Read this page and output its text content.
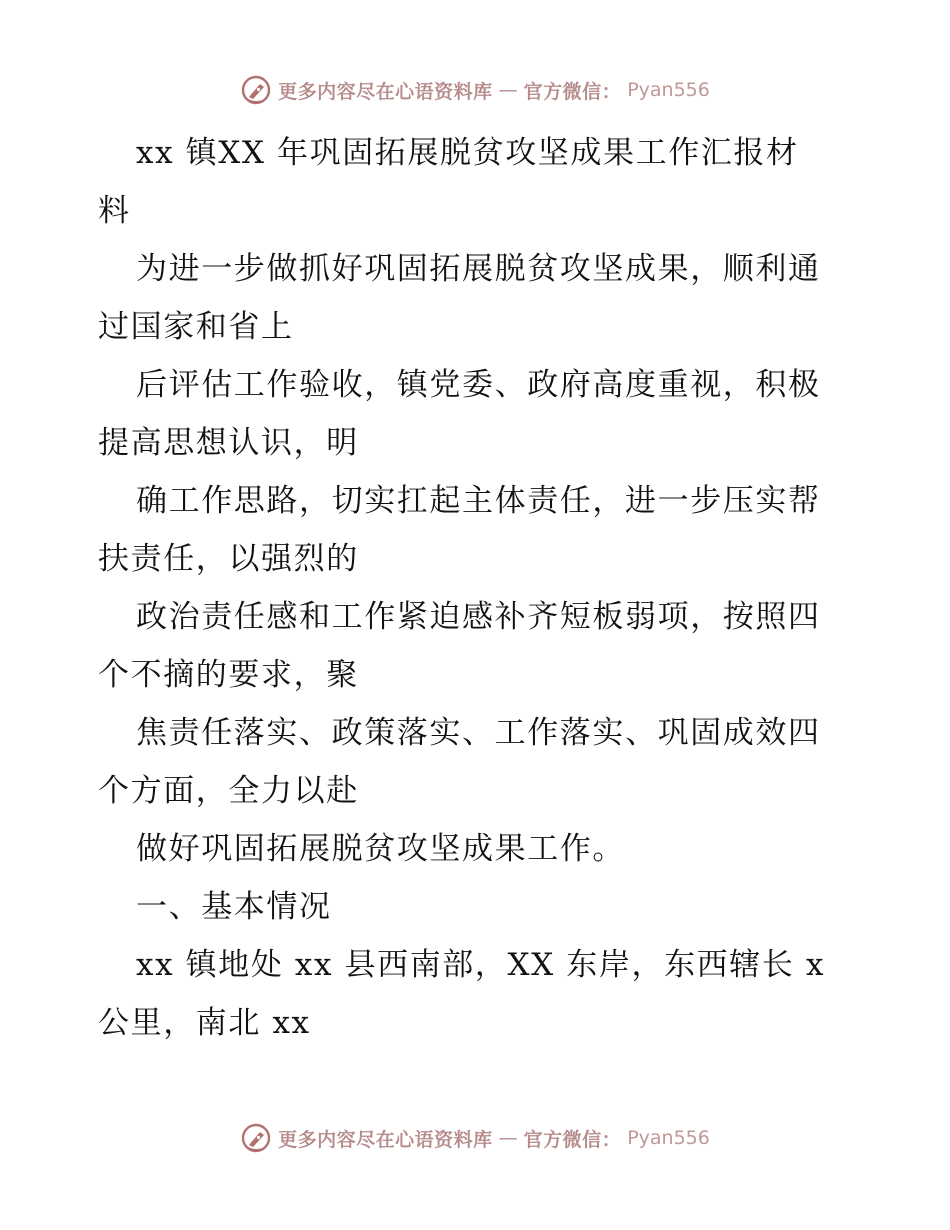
更多内容尽在心语资料库 — 官方微信： Pyan556
xx 镇XX 年巩固拓展脱贫攻坚成果工作汇报材
料
为进一步做抓好巩固拓展脱贫攻坚成果，顺利通
过国家和省上
后评估工作验收，镇党委、政府高度重视，积极
提高思想认识，明
确工作思路，切实扛起主体责任，进一步压实帮
扶责任，以强烈的
政治责任感和工作紧迫感补齐短板弱项，按照四
个不摘的要求，聚
焦责任落实、政策落实、工作落实、巩固成效四
个方面，全力以赴
做好巩固拓展脱贫攻坚成果工作。
一、基本情况
xx 镇地处 xx 县西南部，XX 东岸，东西辖长 x
公里，南北 xx
更多内容尽在心语资料库 — 官方微信： Pyan556
